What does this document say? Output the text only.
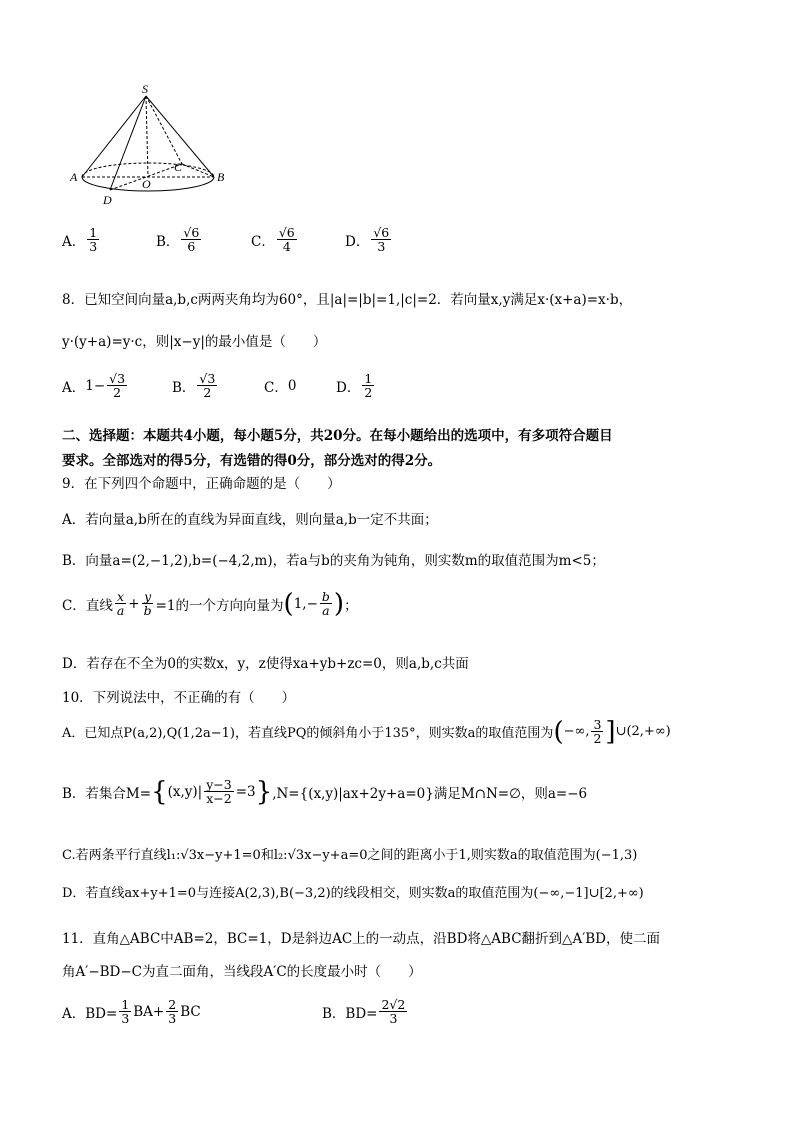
S
A	B
C
O
D
A． $\frac{1}{3}$	B． $\frac{√6}{6}$	C． $\frac{√6}{4}$	D． $\frac{√6}{3}$
8．已知空间向量a,b,c两两夹角均为60°，且|a|=|b|=1,|c|=2．若向量x,y满足x·(x+a)=x·b，
y·(y+a)=y·c，则|x−y|的最小值是（　　）
A． $1- \frac{√3}{2}$	B． $\frac{√3}{2}$	C． 0	D． $\frac{1}{2}$
二、选择题：本题共4小题，每小题5分，共20分。在每小题给出的选项中，有多项符合题目
要求。全部选对的得5分，有选错的得0分，部分选对的得2分。
9．在下列四个命题中，正确命题的是（　　）
A．若向量a,b所在的直线为异面直线，则向量a,b一定不共面；
B．向量a=(2,−1,2),b=(−4,2,m)，若a与b的夹角为钝角，则实数m的取值范围为m<5；
C．直线 $\frac{x}{a} + \frac{y}{b} =1$的一个方向向量为 ( $1,- \frac{b}{a}$ ) ；
D．若存在不全为0的实数x，y，z使得xa+yb+zc=0，则a,b,c共面
10．下列说法中，不正确的有（　　）
A．已知点P(a,2),Q(1,2a−1)，若直线PQ的倾斜角小于135°，则实数a的取值范围为 ( −∞, $\frac{3}{2}$ ] ∪(2,+∞)
B．若集合M= { $(x,y)| \frac{y-3}{x-2} =3$ } ,N={(x,y)|ax+2y+a=0}满足M∩N=∅，则a=−6
C.若两条平行直线l₁:√3x−y+1=0和l₂:√3x−y+a=0之间的距离小于1,则实数a的取值范围为(−1,3)
D．若直线ax+y+1=0与连接A(2,3),B(−3,2)的线段相交，则实数a的取值范围为(−∞,−1]∪[2,+∞)
11．直角△ABC中AB=2，BC=1，D是斜边AC上的一动点，沿BD将△ABC翻折到△A′BD，使二面
角A′−BD−C为直二面角，当线段A′C的长度最小时（　　）
A．$BD= \frac{1}{3} BA+ \frac{2}{3}$ BC	B．$BD= \frac{2√2}{3}$
